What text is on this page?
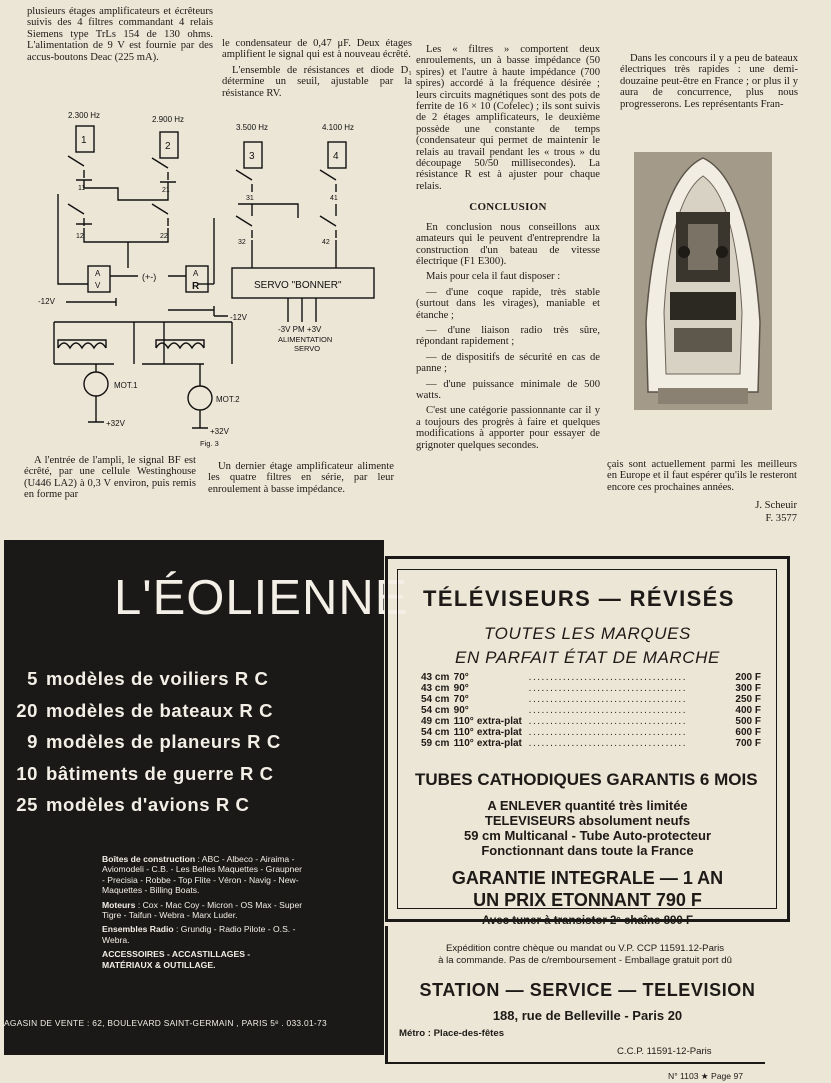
plusieurs étages amplificateurs et écrêteurs suivis des 4 filtres commandant 4 relais Siemens type TrLs 154 de 130 ohms. L'alimentation de 9 V est fournie par des accus-boutons Deac (225 mA).

le condensateur de 0,47 μF. Deux étages amplifient le signal qui est à nouveau écrêté.

L'ensemble de résistances et diode D₁ détermine un seuil, ajustable par la résistance RV.

2.300 Hz	2.900 Hz
3.500 Hz	4.100 Hz
1
2
3	4
11	21
31	41
12	22
32	42
A
V
A
R
(+-)
SERVO "BONNER"
-12V
-12V
-3V PM +3V
ALIMENTATION
SERVO
MOT.1
MOT.2
+32V
+32V
Fig. 3

A l'entrée de l'ampli, le signal BF est écrêté, par une cellule Westinghouse (U446 LA2) à 0,3 V environ, puis remis en forme par

Un dernier étage amplificateur alimente les quatre filtres en série, par leur enroulement à basse impédance.

Les « filtres » comportent deux enroulements, un à basse impédance (50 spires) et l'autre à haute impédance (700 spires) accordé à la fréquence désirée ; leurs circuits magnétiques sont des pots de ferrite de 16 × 10 (Cofelec) ; ils sont suivis de 2 étages amplificateurs, le deuxième possède une constante de temps (condensateur qui permet de maintenir le relais au travail pendant les « trous » du découpage 50/50 millisecondes). La résistance R est à ajuster pour chaque relais.

CONCLUSION

En conclusion nous conseillons aux amateurs qui le peuvent d'entreprendre la construction d'un bateau de vitesse électrique (F1 E300).

Mais pour cela il faut disposer :

— d'une coque rapide, très stable (surtout dans les virages), maniable et étanche ;

— d'une liaison radio très sûre, répondant rapidement ;

— de dispositifs de sécurité en cas de panne ;

— d'une puissance minimale de 500 watts.

C'est une catégorie passionnante car il y a toujours des progrès à faire et quelques modifications à apporter pour essayer de grignoter quelques secondes.

Dans les concours il y a peu de bateaux électriques très rapides : une demi-douzaine peut-être en France ; or plus il y aura de concurrence, plus nous progresserons. Les représentants Fran-

çais sont actuellement parmi les meilleurs en Europe et il faut espérer qu'ils le resteront encore ces prochaines années.

J. Scheuir
F. 3577
L'ÉOLIENNE
5 modèles de voiliers R C
20 modèles de bateaux R C
9 modèles de planeurs R C
10 bâtiments de guerre R C
25 modèles d'avions R C

Boîtes de construction : ABC - Albeco - Airaima - Aviomodeli - C.B. - Les Belles Maquettes - Graupner - Precisia - Robbe - Top Flite - Véron - Navig - New-Maquettes - Billing Boats.

Moteurs : Cox - Mac Coy - Micron - OS Max - Super Tigre - Taifun - Webra - Marx Luder.

Ensembles Radio : Grundig - Radio Pilote - O.S. - Webra.

ACCESSOIRES - ACCASTILLAGES -
MATÉRIAUX & OUTILLAGE.

AGASIN DE VENTE : 62, BOULEVARD SAINT-GERMAIN , PARIS 5ᵉ . 033.01-73
TÉLÉVISEURS — RÉVISÉS
TOUTES LES MARQUES
EN PARFAIT ÉTAT DE MARCHE
43 cm	70°		.....................................	200 F
43 cm	90°		.....................................	300 F
54 cm	70°		.....................................	250 F
54 cm	90°		.....................................	400 F
49 cm	110°	extra-plat	.....................................	500 F
54 cm	110°	extra-plat	.....................................	600 F
59 cm	110°	extra-plat	.....................................	700 F
TUBES CATHODIQUES GARANTIS 6 MOIS
A ENLEVER quantité très limitée
TELEVISEURS absolument neufs
59 cm Multicanal - Tube Auto-protecteur
Fonctionnant dans toute la France
GARANTIE INTEGRALE — 1 AN
UN PRIX ETONNANT 790 F
Avec tuner à transistor 2ᵉ chaîne 890 F
Expédition contre chèque ou mandat ou V.P. CCP 11591.12-Paris
à la commande. Pas de c/remboursement - Emballage gratuit port dû
STATION — SERVICE — TELEVISION
188, rue de Belleville - Paris 20
Métro : Place-des-fêtes
C.C.P. 11591-12-Paris
N° 1103 ★ Page 97
